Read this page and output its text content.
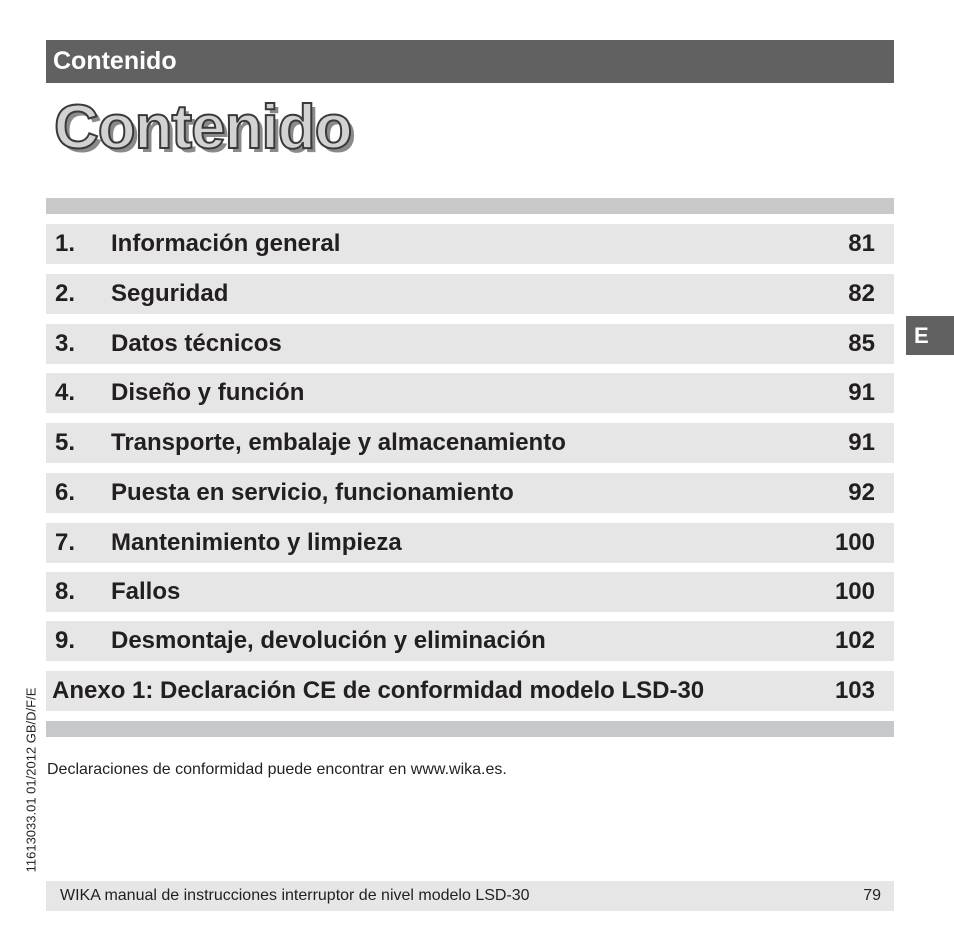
Contenido
Contenido
1. Información general	81
2. Seguridad	82
3. Datos técnicos	85
4. Diseño y función	91
5. Transporte, embalaje y almacenamiento	91
6. Puesta en servicio, funcionamiento	92
7. Mantenimiento y limpieza	100
8. Fallos	100
9. Desmontaje, devolución y eliminación	102
Anexo 1: Declaración CE de conformidad modelo LSD-30	103
E
Declaraciones de conformidad puede encontrar en www.wika.es.
11613033.01 01/2012 GB/D/F/E
WIKA manual de instrucciones interruptor de nivel modelo LSD-30	79
